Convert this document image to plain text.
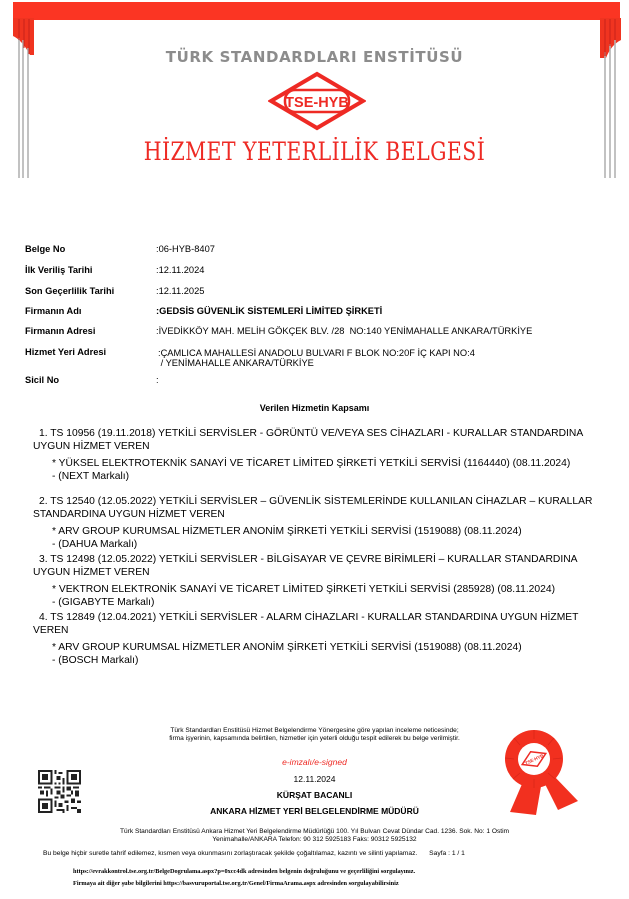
TÜRK STANDARDLARI ENSTİTÜSÜ
TSE-HYB
HİZMET YETERLİLİK BELGESİ
Belge No	:06-HYB-8407
İlk Veriliş Tarihi	:12.11.2024
Son Geçerlilik Tarihi	:12.11.2025
Firmanın Adı	:GEDSİS GÜVENLİK SİSTEMLERİ LİMİTED ŞİRKETİ
Firmanın Adresi	:İVEDİKKÖY MAH. MELİH GÖKÇEK BLV. /28  NO:140 YENİMAHALLE ANKARA/TÜRKİYE
Hizmet Yeri Adresi	:ÇAMLICA MAHALLESİ ANADOLU BULVARI F BLOK NO:20F İÇ KAPI NO:4
/ YENİMAHALLE ANKARA/TÜRKİYE
Sicil No	:
Verilen Hizmetin Kapsamı
1. TS 10956 (19.11.2018) YETKİLİ SERVİSLER - GÖRÜNTÜ VE/VEYA SES CİHAZLARI - KURALLAR STANDARDINA UYGUN HİZMET VEREN
* YÜKSEL ELEKTROTEKNİK SANAYİ VE TİCARET LİMİTED ŞİRKETİ YETKİLİ SERVİSİ (1164440) (08.11.2024)
- (NEXT Markalı)
2. TS 12540 (12.05.2022) YETKİLİ SERVİSLER – GÜVENLİK SİSTEMLERİNDE KULLANILAN CİHAZLAR – KURALLAR STANDARDINA UYGUN HİZMET VEREN
* ARV GROUP KURUMSAL HİZMETLER ANONİM ŞİRKETİ YETKİLİ SERVİSİ (1519088) (08.11.2024)
- (DAHUA Markalı)
3. TS 12498 (12.05.2022) YETKİLİ SERVİSLER - BİLGİSAYAR VE ÇEVRE BİRİMLERİ – KURALLAR STANDARDINA UYGUN HİZMET VEREN
* VEKTRON ELEKTRONİK SANAYİ VE TİCARET LİMİTED ŞİRKETİ YETKİLİ SERVİSİ (285928) (08.11.2024)
- (GIGABYTE Markalı)
4. TS 12849 (12.04.2021) YETKİLİ SERVİSLER - ALARM CİHAZLARI - KURALLAR STANDARDINA UYGUN HİZMET VEREN
* ARV GROUP KURUMSAL HİZMETLER ANONİM ŞİRKETİ YETKİLİ SERVİSİ (1519088) (08.11.2024)
- (BOSCH Markalı)
Türk Standardları Enstitüsü Hizmet Belgelendirme Yönergesine göre yapılan inceleme neticesinde;
firma işyerinin, kapsamında belirtilen, hizmetler için yeterli olduğu tespit edilerek bu belge verilmiştir.
e-imzalı/e-signed
12.11.2024
KÜRŞAT BACANLI
ANKARA HİZMET YERİ BELGELENDİRME MÜDÜRÜ
TSE-HYB
Türk Standardları Enstitüsü Ankara Hizmet Yeri Belgelendirme Müdürlüğü 100. Yıl Bulvarı Cevat Dündar Cad. 1236. Sok. No: 1 Ostim
Yenimahalle/ANKARA Telefon: 90 312 5925183 Faks: 90312 5925132
Bu belge hiçbir suretle tahrif edilemez, kısmen veya okunmasını zorlaştıracak şekilde çoğaltılamaz, kazıntı ve silinti yapılamaz. Sayfa : 1 / 1
https://evrakkontrol.tse.org.tr/BelgeDogrulama.aspx?p=0xcc4dk adresinden belgenin doğruluğunu ve geçerliliğini sorgulayınız.
Firmaya ait diğer şube bilgilerini https://basvuruportal.tse.org.tr/Genel/FirmaArama.aspx adresinden sorgulayabilirsiniz
